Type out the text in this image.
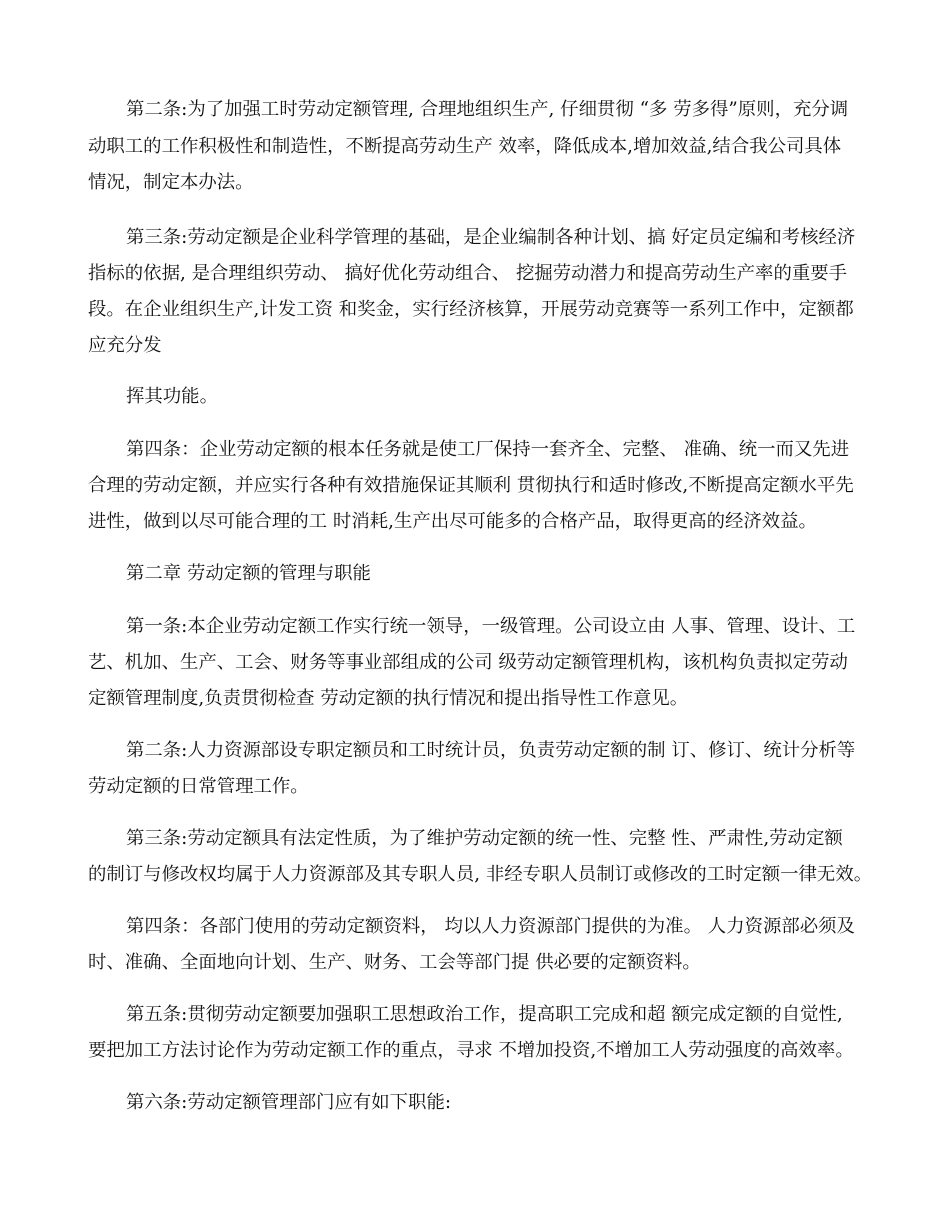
第二条:为了加强工时劳动定额管理, 合理地组织生产, 仔细贯彻 “多 劳多得”原则，充分调

动职工的工作积极性和制造性，不断提高劳动生产 效率，降低成本,增加效益,结合我公司具体

情况，制定本办法。

第三条:劳动定额是企业科学管理的基础，是企业编制各种计划、搞 好定员定编和考核经济

指标的依据, 是合理组织劳动、 搞好优化劳动组合、 挖掘劳动潜力和提高劳动生产率的重要手

段。在企业组织生产,计发工资 和奖金，实行经济核算，开展劳动竞赛等一系列工作中，定额都

应充分发

挥其功能。

第四条：企业劳动定额的根本任务就是使工厂保持一套齐全、完整、 准确、统一而又先进

合理的劳动定额，并应实行各种有效措施保证其顺利 贯彻执行和适时修改,不断提高定额水平先

进性，做到以尽可能合理的工 时消耗,生产出尽可能多的合格产品，取得更高的经济效益。

第二章 劳动定额的管理与职能

第一条:本企业劳动定额工作实行统一领导，一级管理。公司设立由 人事、管理、设计、工

艺、机加、生产、工会、财务等事业部组成的公司 级劳动定额管理机构，该机构负责拟定劳动

定额管理制度,负责贯彻检查 劳动定额的执行情况和提出指导性工作意见。

第二条:人力资源部设专职定额员和工时统计员，负责劳动定额的制 订、修订、统计分析等

劳动定额的日常管理工作。

第三条:劳动定额具有法定性质，为了维护劳动定额的统一性、完整 性、严肃性,劳动定额

的制订与修改权均属于人力资源部及其专职人员, 非经专职人员制订或修改的工时定额一律无效。

第四条：各部门使用的劳动定额资料， 均以人力资源部门提供的为准。 人力资源部必须及

时、准确、全面地向计划、生产、财务、工会等部门提 供必要的定额资料。

第五条:贯彻劳动定额要加强职工思想政治工作，提高职工完成和超 额完成定额的自觉性,

要把加工方法讨论作为劳动定额工作的重点，寻求 不增加投资,不增加工人劳动强度的高效率。

第六条:劳动定额管理部门应有如下职能:
